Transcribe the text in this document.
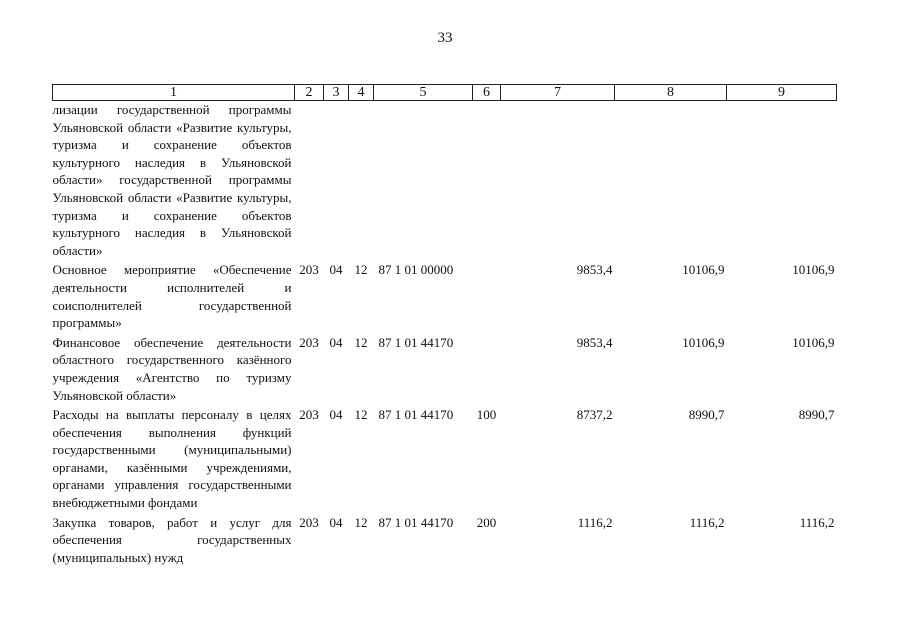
33
1	2	3	4	5	6	7	8	9
лизации государственной программы Ульяновской области «Развитие культуры, туризма и сохранение объектов культурного наследия в Ульяновской области» государственной программы Ульяновской области «Развитие культуры, туризма и сохранение объектов культурного наследия в Ульяновской области»								
Основное мероприятие «Обеспечение деятельности исполнителей и соисполнителей государственной программы»	203	04	12	87 1 01 00000		9853,4	10106,9	10106,9
Финансовое обеспечение деятельности областного государственного казённого учреждения «Агентство по туризму Ульяновской области»	203	04	12	87 1 01 44170		9853,4	10106,9	10106,9
Расходы на выплаты персоналу в целях обеспечения выполнения функций государственными (муниципальными) органами, казёнными учреждениями, органами управления государственными внебюджетными фондами	203	04	12	87 1 01 44170	100	8737,2	8990,7	8990,7
Закупка товаров, работ и услуг для обеспечения государственных (муниципальных) нужд	203	04	12	87 1 01 44170	200	1116,2	1116,2	1116,2
